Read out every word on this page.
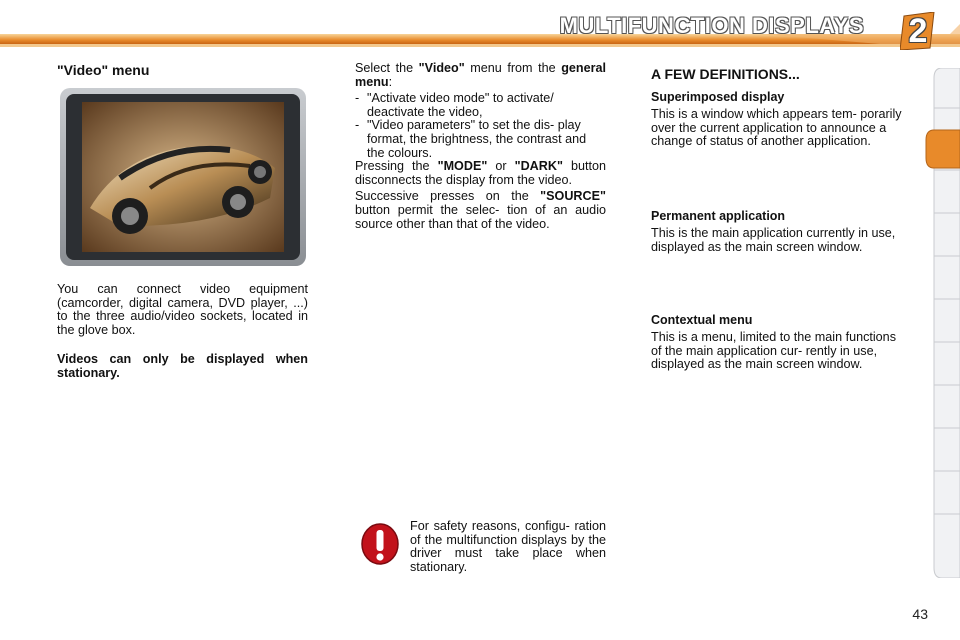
MULTIFUNCTION DISPLAYS 2
"Video" menu

You can connect video equipment (camcorder, digital camera, DVD player, ...) to the three audio/video sockets, located in the glove box.

Videos can only be displayed when stationary.

Select the "Video" menu from the general menu:

- "Activate video mode" to activate/ deactivate the video,
- "Video parameters" to set the dis- play format, the brightness, the contrast and the colours.

Pressing the "MODE" or "DARK" button disconnects the display from the video.

Successive presses on the "SOURCE" button permit the selec- tion of an audio source other than that of the video.

For safety reasons, configu- ration of the multifunction displays by the driver must take place when stationary.

A FEW DEFINITIONS...

Superimposed display

This is a window which appears tem- porarily over the current application to announce a change of status of another application.

Permanent application

This is the main application currently in use, displayed as the main screen window.

Contextual menu

This is a menu, limited to the main functions of the main application cur- rently in use, displayed as the main screen window.

43
